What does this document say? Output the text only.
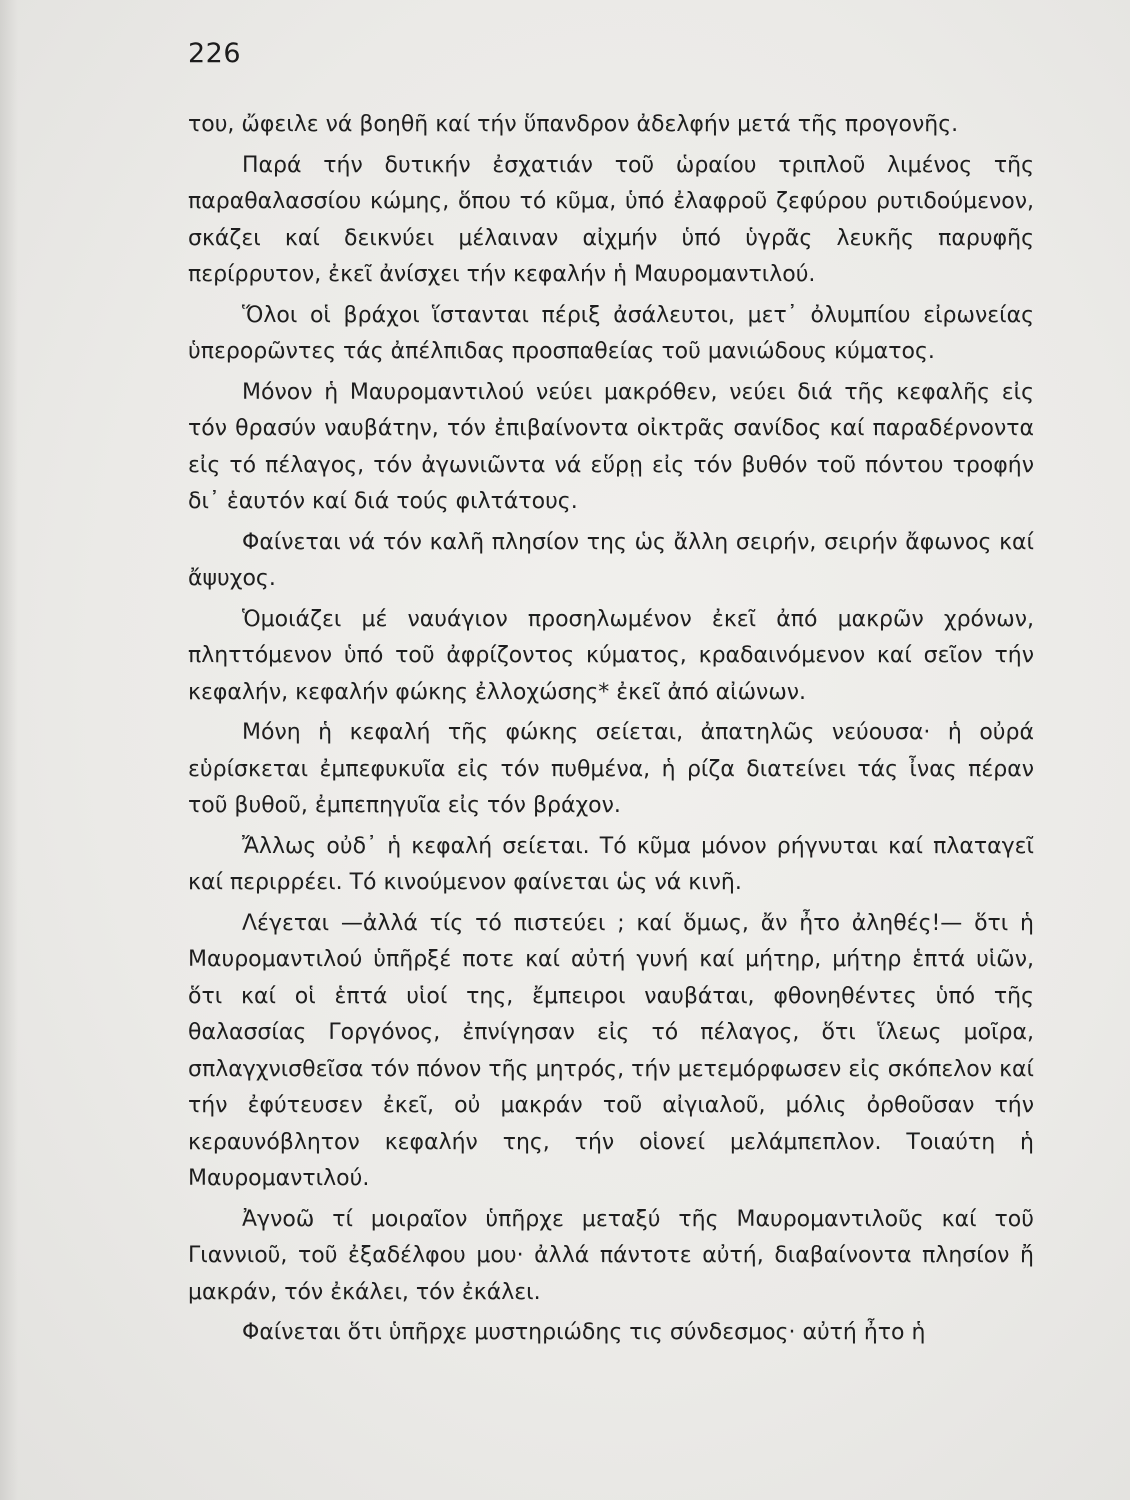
226

του, ὤφειλε νά βοηθῆ καί τήν ὕπανδρον ἀδελφήν μετά τῆς προγονῆς.

Παρά τήν δυτικήν ἐσχατιάν τοῦ ὡραίου τριπλοῦ λιμένος τῆς παραθαλασσίου κώμης, ὅπου τό κῦμα, ὑπό ἐλαφροῦ ζεφύρου ρυτιδούμενον, σκάζει καί δεικνύει μέλαιναν αἰχμήν ὑπό ὑγρᾶς λευκῆς παρυφῆς περίρρυτον, ἐκεῖ ἀνίσχει τήν κεφαλήν ἡ Μαυρομαντιλού.

Ὅλοι οἱ βράχοι ἵστανται πέριξ ἀσάλευτοι, μετ᾽ ὀλυμπίου εἰρωνείας ὑπερορῶντες τάς ἀπέλπιδας προσπαθείας τοῦ μανιώδους κύματος.

Μόνον ἡ Μαυρομαντιλού νεύει μακρόθεν, νεύει διά τῆς κεφαλῆς εἰς τόν θρασύν ναυβάτην, τόν ἐπιβαίνοντα οἰκτρᾶς σανίδος καί παραδέρνοντα εἰς τό πέλαγος, τόν ἀγωνιῶντα νά εὕρῃ εἰς τόν βυθόν τοῦ πόντου τροφήν δι᾽ ἑαυτόν καί διά τούς φιλτάτους.

Φαίνεται νά τόν καλῆ πλησίον της ὡς ἄλλη σειρήν, σειρήν ἄφωνος καί ἄψυχος.

Ὁμοιάζει μέ ναυάγιον προσηλωμένον ἐκεῖ ἀπό μακρῶν χρόνων, πληττόμενον ὑπό τοῦ ἀφρίζοντος κύματος, κραδαινόμενον καί σεῖον τήν κεφαλήν, κεφαλήν φώκης ἐλλοχώσης* ἐκεῖ ἀπό αἰώνων.

Μόνη ἡ κεφαλή τῆς φώκης σείεται, ἀπατηλῶς νεύουσα· ἡ οὐρά εὑρίσκεται ἐμπεφυκυῖα εἰς τόν πυθμένα, ἡ ρίζα διατείνει τάς ἶνας πέραν τοῦ βυθοῦ, ἐμπεπηγυῖα εἰς τόν βράχον.

Ἄλλως οὐδ᾽ ἡ κεφαλή σείεται. Τό κῦμα μόνον ρήγνυται καί πλαταγεῖ καί περιρρέει. Τό κινούμενον φαίνεται ὡς νά κινῆ.

Λέγεται —ἀλλά τίς τό πιστεύει ; καί ὅμως, ἄν ἦτο ἀληθές!— ὅτι ἡ Μαυρομαντιλού ὑπῆρξέ ποτε καί αὐτή γυνή καί μήτηρ, μήτηρ ἑπτά υἱῶν, ὅτι καί οἱ ἑπτά υἱοί της, ἔμπειροι ναυβάται, φθονηθέντες ὑπό τῆς θαλασσίας Γοργόνος, ἐπνίγησαν εἰς τό πέλαγος, ὅτι ἵλεως μοῖρα, σπλαγχνισθεῖσα τόν πόνον τῆς μητρός, τήν μετεμόρφωσεν εἰς σκόπελον καί τήν ἐφύτευσεν ἐκεῖ, οὐ μακράν τοῦ αἰγιαλοῦ, μόλις ὀρθοῦσαν τήν κεραυνόβλητον κεφαλήν της, τήν οἱονεί μελάμπεπλον. Τοιαύτη ἡ Μαυρομαντιλού.

Ἀγνοῶ τί μοιραῖον ὑπῆρχε μεταξύ τῆς Μαυρομαντιλοῦς καί τοῦ Γιαννιοῦ, τοῦ ἐξαδέλφου μου· ἀλλά πάντοτε αὐτή, διαβαίνοντα πλησίον ἤ μακράν, τόν ἐκάλει, τόν ἐκάλει.

Φαίνεται ὅτι ὑπῆρχε μυστηριώδης τις σύνδεσμος· αὐτή ἦτο ἡ
